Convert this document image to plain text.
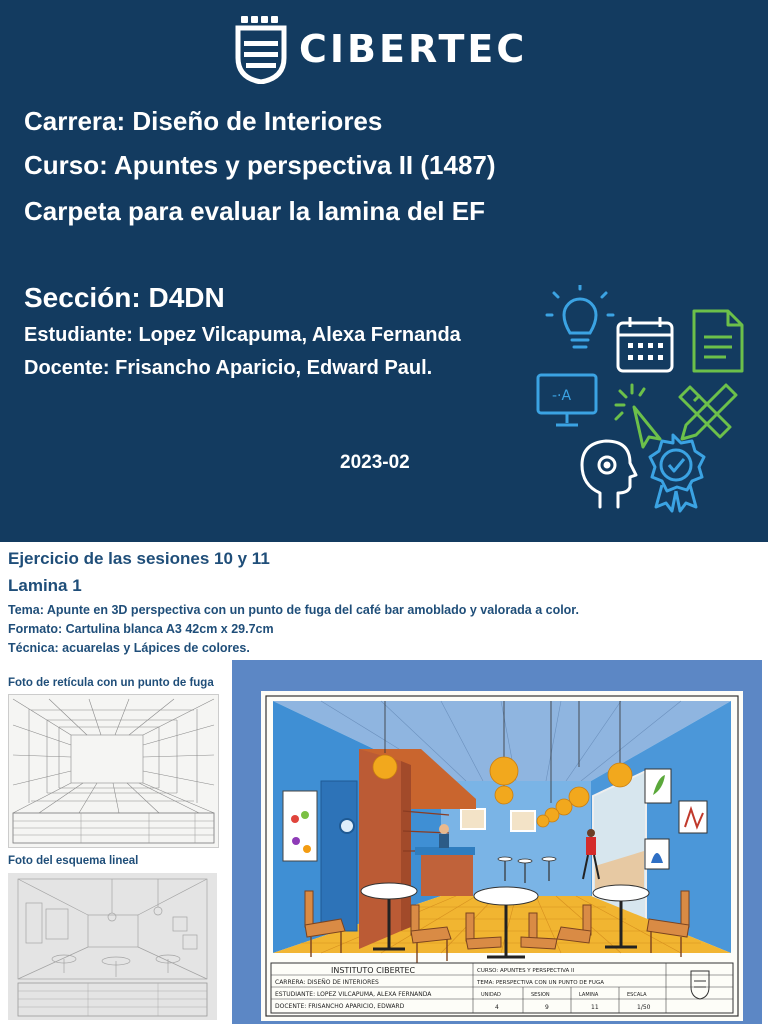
CIBERTEC
Carrera: Diseño de Interiores
Curso: Apuntes y perspectiva II (1487)
Carpeta para evaluar la lamina del EF
Sección: D4DN
Estudiante: Lopez Vilcapuma, Alexa Fernanda
Docente: Frisancho Aparicio, Edward Paul.
2023-02
-·A
Ejercicio de las sesiones 10 y 11
Lamina 1
Tema: Apunte en 3D perspectiva con un punto de fuga del café bar amoblado y valorada a color.
Formato: Cartulina blanca A3 42cm x 29.7cm
Técnica: acuarelas y Lápices de colores.
Foto de retícula con un punto de fuga
Foto del esquema lineal
INSTITUTO CIBERTEC
CARRERA: DISEÑO DE INTERIORES
ESTUDIANTE: LOPEZ VILCAPUMA, ALEXA FERNANDA
DOCENTE: FRISANCHO APARICIO, EDWARD
CURSO: APUNTES Y PERSPECTIVA II
TEMA: PERSPECTIVA CON UN PUNTO DE FUGA
UNIDAD	SESION	LAMINA	ESCALA
4	9	11	1/50
